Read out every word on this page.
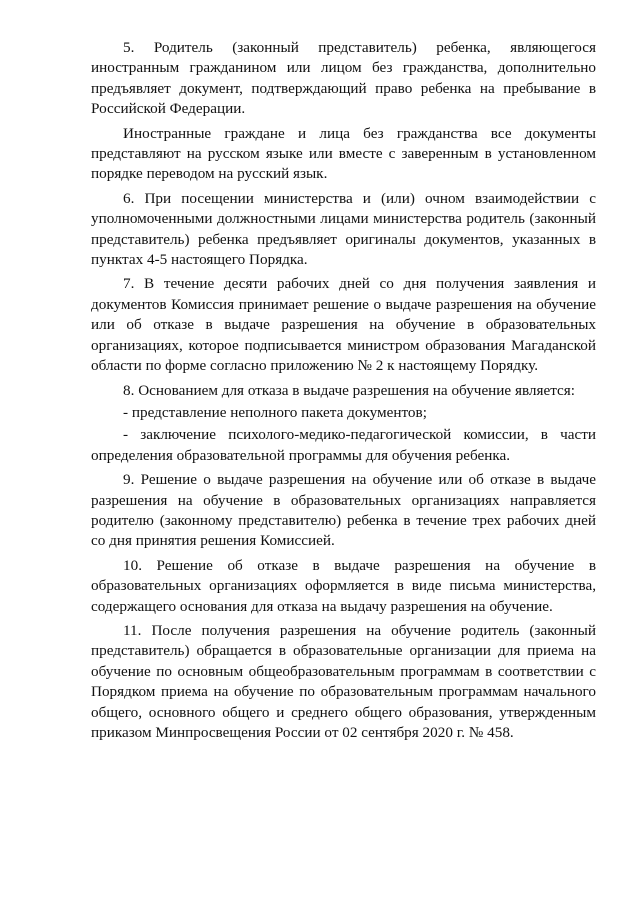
5. Родитель (законный представитель) ребенка, являющегося иностранным гражданином или лицом без гражданства, дополнительно предъявляет документ, подтверждающий право ребенка на пребывание в Российской Федерации.

Иностранные граждане и лица без гражданства все документы представляют на русском языке или вместе с заверенным в установленном порядке переводом на русский язык.

6. При посещении министерства и (или) очном взаимодействии с уполномоченными должностными лицами министерства родитель (законный представитель) ребенка предъявляет оригиналы документов, указанных в пунктах 4-5 настоящего Порядка.

7. В течение десяти рабочих дней со дня получения заявления и документов Комиссия принимает решение о выдаче разрешения на обучение или об отказе в выдаче разрешения на обучение в образовательных организациях, которое подписывается министром образования Магаданской области по форме согласно приложению № 2 к настоящему Порядку.

8. Основанием для отказа в выдаче разрешения на обучение является:

- представление неполного пакета документов;

- заключение психолого-медико-педагогической комиссии, в части определения образовательной программы для обучения ребенка.

9. Решение о выдаче разрешения на обучение или об отказе в выдаче разрешения на обучение в образовательных организациях направляется родителю (законному представителю) ребенка в течение трех рабочих дней со дня принятия решения Комиссией.

10. Решение об отказе в выдаче разрешения на обучение в образовательных организациях оформляется в виде письма министерства, содержащего основания для отказа на выдачу разрешения на обучение.

11. После получения разрешения на обучение родитель (законный представитель) обращается в образовательные организации для приема на обучение по основным общеобразовательным программам в соответствии с Порядком приема на обучение по образовательным программам начального общего, основного общего и среднего общего образования, утвержденным приказом Минпросвещения России от 02 сентября 2020 г. № 458.
